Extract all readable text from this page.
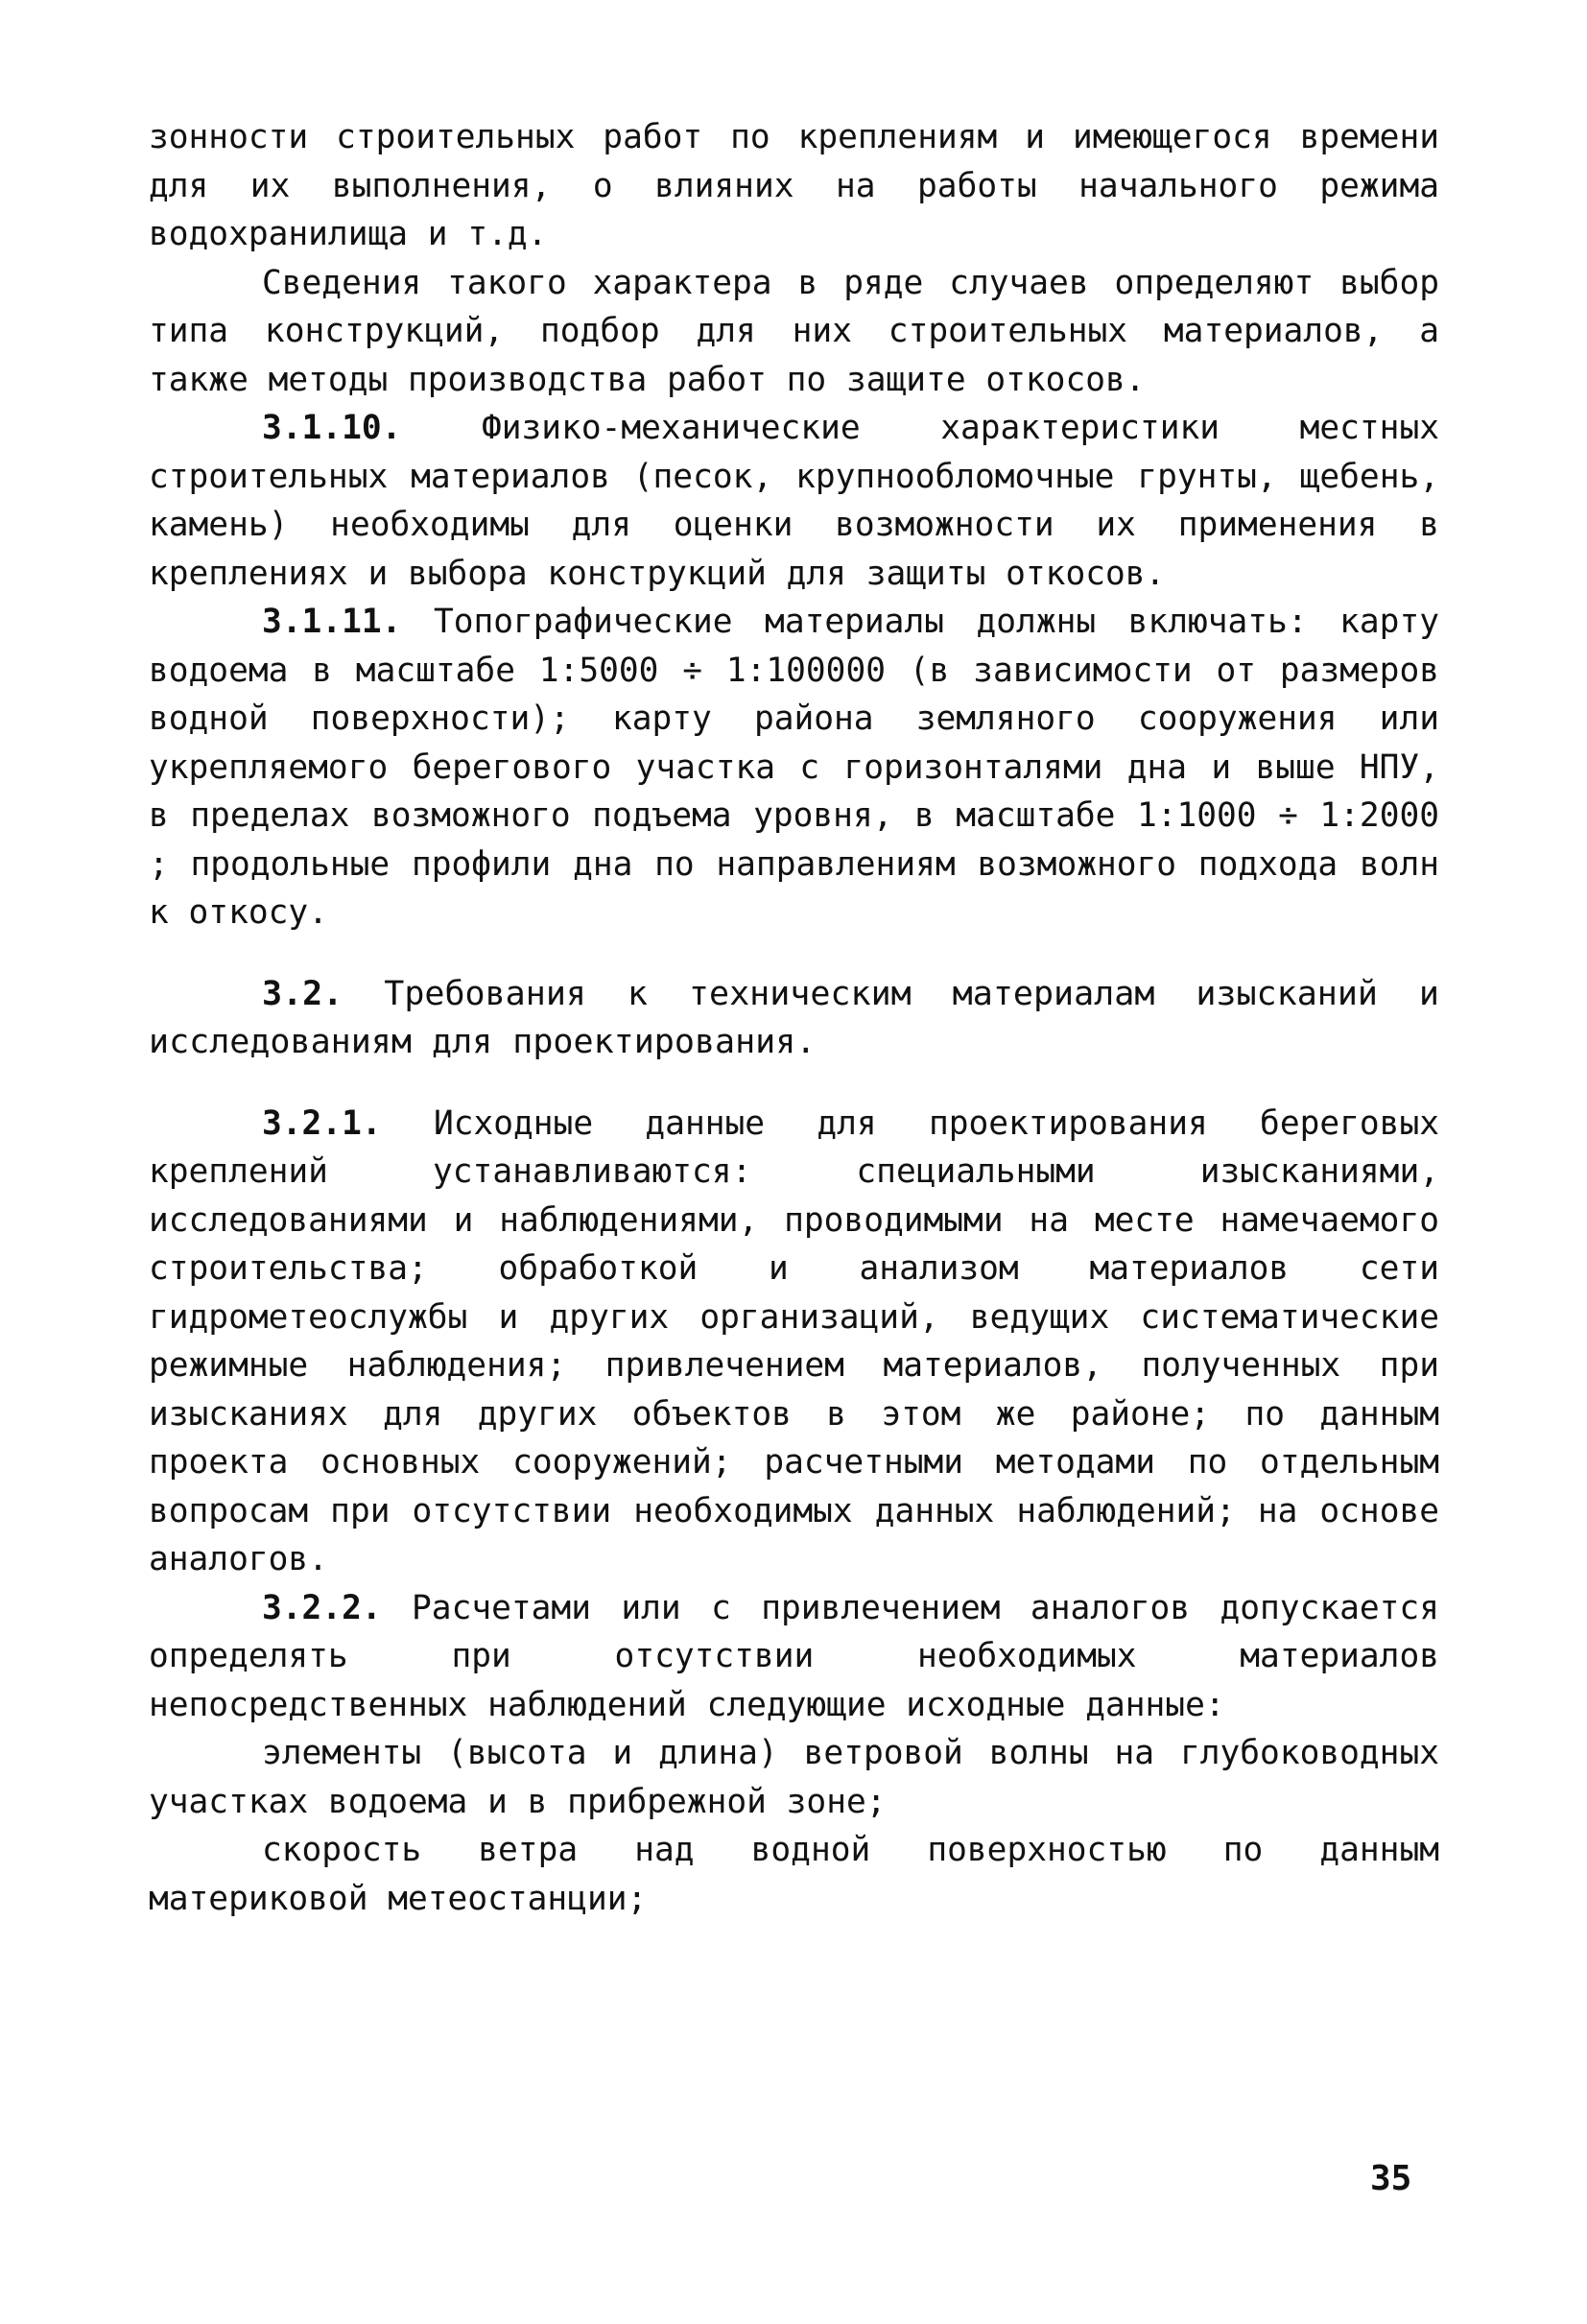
зонности строительных работ по креплениям и имеющегося времени для их выполнения, о влияних на работы начального режима водохранилища и т.д.

Сведения такого характера в ряде случаев определяют выбор типа конструкций, подбор для них строительных материалов, а также методы производства работ по защите откосов.

3.1.10. Физико-механические характеристики местных строительных материалов (песок, крупнообломочные грунты, щебень, камень) необходимы для оценки возможности их применения в креплениях и выбора конструкций для защиты откосов.

3.1.11. Топографические материалы должны включать: карту водоема в масштабе 1:5000 ÷ 1:100000 (в зависимости от размеров водной поверхности); карту района земляного сооружения или укрепляемого берегового участка с горизонталями дна и выше НПУ, в пределах возможного подъема уровня, в масштабе 1:1000 ÷ 1:2000 ; продольные профили дна по направлениям возможного подхода волн к откосу.

3.2. Требования к техническим материалам изысканий и исследованиям для проектирования.

3.2.1. Исходные данные для проектирования береговых креплений устанавливаются: специальными изысканиями, исследованиями и наблюдениями, проводимыми на месте намечаемого строительства; обработкой и анализом материалов сети гидрометеослужбы и других организаций, ведущих систематические режимные наблюдения; привлечением материалов, полученных при изысканиях для других объектов в этом же районе; по данным проекта основных сооружений; расчетными методами по отдельным вопросам при отсутствии необходимых данных наблюдений; на основе аналогов.

3.2.2. Расчетами или с привлечением аналогов допускается определять при отсутствии необходимых материалов непосредственных наблюдений следующие исходные данные:

элементы (высота и длина) ветровой волны на глубоководных участках водоема и в прибрежной зоне;

скорость ветра над водной поверхностью по данным материковой метеостанции;

35
